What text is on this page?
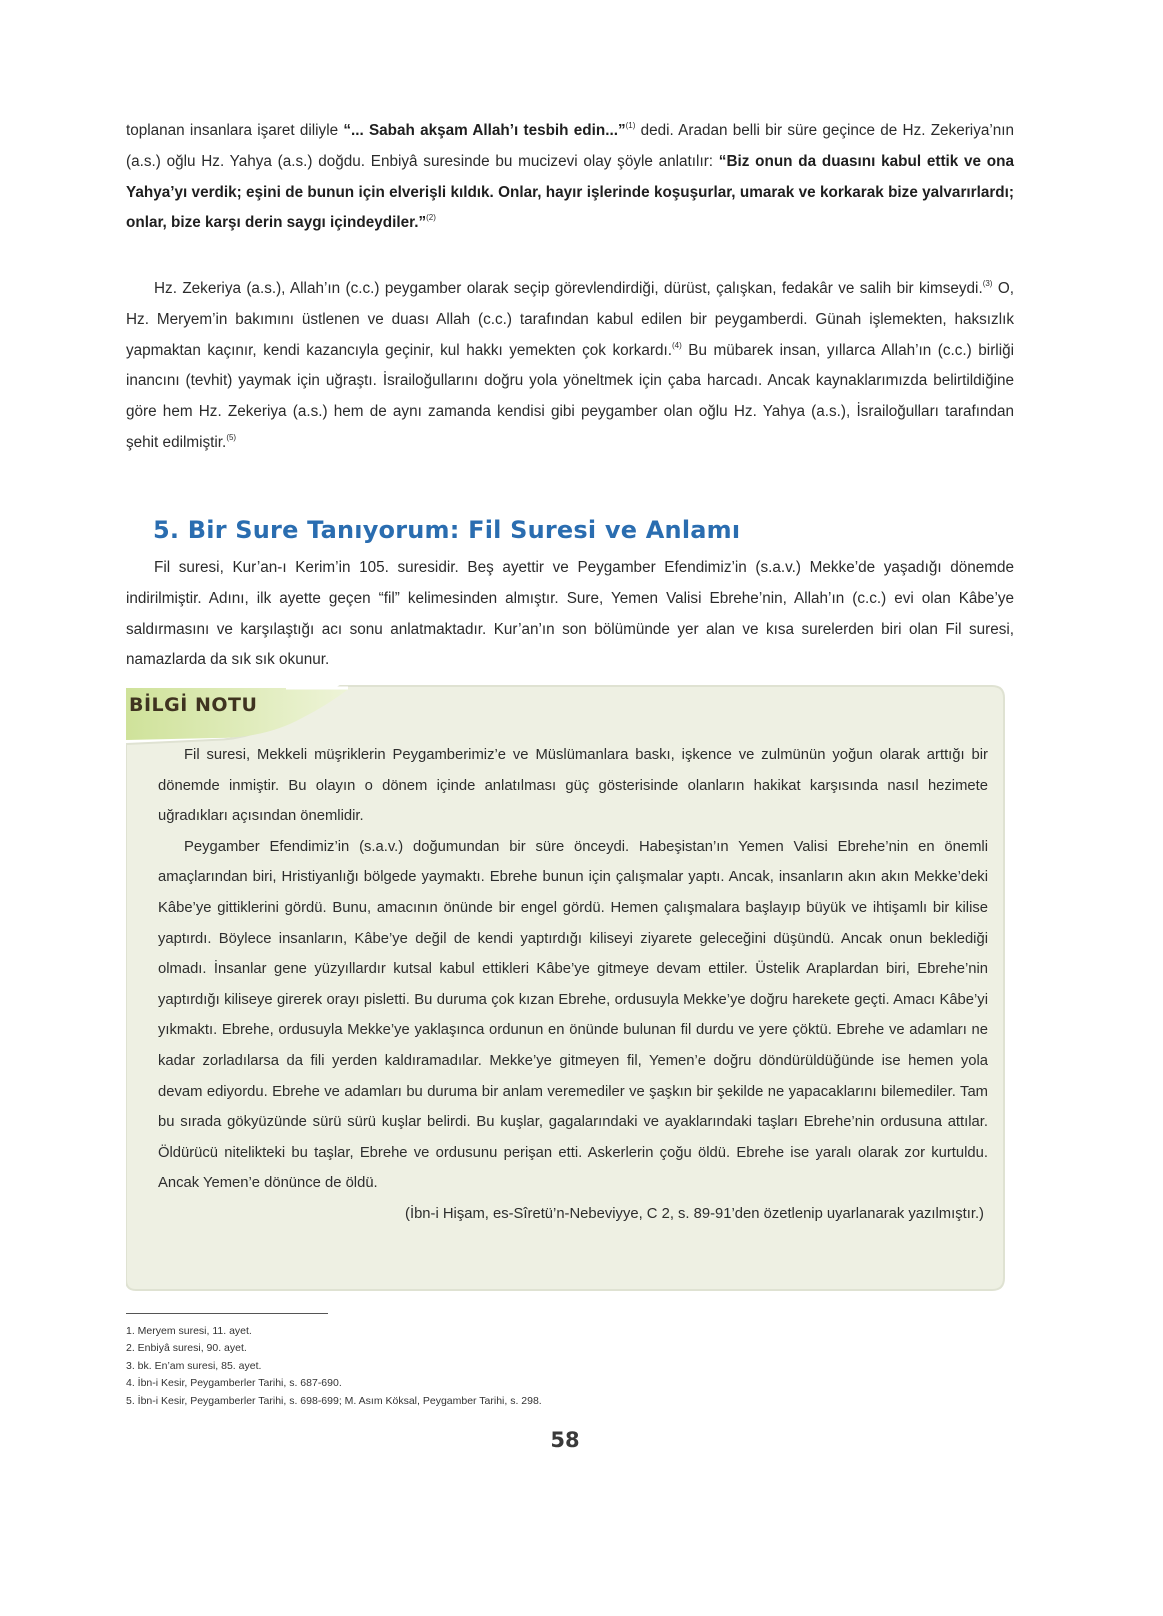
toplanan insanlara işaret diliyle “... Sabah akşam Allah’ı tesbih edin...”$^{(1)}$ dedi. Aradan belli bir süre geçince de Hz. Zekeriya’nın (a.s.) oğlu Hz. Yahya (a.s.) doğdu. Enbiyâ suresinde bu mucizevi olay şöyle anlatılır: “Biz onun da duasını kabul ettik ve ona Yahya’yı verdik; eşini de bunun için elverişli kıldık. Onlar, hayır işlerinde koşuşurlar, umarak ve korkarak bize yalvarırlardı; onlar, bize karşı derin saygı içindeydiler.”$^{(2)}$

Hz. Zekeriya (a.s.), Allah’ın (c.c.) peygamber olarak seçip görevlendirdiği, dürüst, çalışkan, fedakâr ve salih bir kimseydi.$^{(3)}$ O, Hz. Meryem’in bakımını üstlenen ve duası Allah (c.c.) tarafından kabul edilen bir peygamberdi. Günah işlemekten, haksızlık yapmaktan kaçınır, kendi kazancıyla geçinir, kul hakkı yemekten çok korkardı.$^{(4)}$ Bu mübarek insan, yıllarca Allah’ın (c.c.) birliği inancını (tevhit) yaymak için uğraştı. İsrailoğullarını doğru yola yöneltmek için çaba harcadı. Ancak kaynaklarımızda belirtildiğine göre hem Hz. Zekeriya (a.s.) hem de aynı zamanda kendisi gibi peygamber olan oğlu Hz. Yahya (a.s.), İsrailoğulları tarafından şehit edilmiştir.$^{(5)}$

5. Bir Sure Tanıyorum: Fil Suresi ve Anlamı

Fil suresi, Kur’an-ı Kerim’in 105. suresidir. Beş ayettir ve Peygamber Efendimiz’in (s.a.v.) Mekke’de yaşadığı dönemde indirilmiştir. Adını, ilk ayette geçen “fil” kelimesinden almıştır. Sure, Yemen Valisi Ebrehe’nin, Allah’ın (c.c.) evi olan Kâbe’ye saldırmasını ve karşılaştığı acı sonu anlatmaktadır. Kur’an’ın son bölümünde yer alan ve kısa surelerden biri olan Fil suresi, namazlarda da sık sık okunur.

BİLGİ NOTU

Fil suresi, Mekkeli müşriklerin Peygamberimiz’e ve Müslümanlara baskı, işkence ve zulmünün yoğun olarak arttığı bir dönemde inmiştir. Bu olayın o dönem içinde anlatılması güç gösterisinde olanların hakikat karşısında nasıl hezimete uğradıkları açısından önemlidir.

Peygamber Efendimiz’in (s.a.v.) doğumundan bir süre önceydi. Habeşistan’ın Yemen Valisi Ebrehe’nin en önemli amaçlarından biri, Hristiyanlığı bölgede yaymaktı. Ebrehe bunun için çalışmalar yaptı. Ancak, insanların akın akın Mekke’deki Kâbe’ye gittiklerini gördü. Bunu, amacının önünde bir engel gördü. Hemen çalışmalara başlayıp büyük ve ihtişamlı bir kilise yaptırdı. Böylece insanların, Kâbe’ye değil de kendi yaptırdığı kiliseyi ziyarete geleceğini düşündü. Ancak onun beklediği olmadı. İnsanlar gene yüzyıllardır kutsal kabul ettikleri Kâbe’ye gitmeye devam ettiler. Üstelik Araplardan biri, Ebrehe’nin yaptırdığı kiliseye girerek orayı pisletti. Bu duruma çok kızan Ebrehe, ordusuyla Mekke’ye doğru harekete geçti. Amacı Kâbe’yi yıkmaktı. Ebrehe, ordusuyla Mekke’ye yaklaşınca ordunun en önünde bulunan fil durdu ve yere çöktü. Ebrehe ve adamları ne kadar zorladılarsa da fili yerden kaldıramadılar. Mekke’ye gitmeyen fil, Yemen’e doğru döndürüldüğünde ise hemen yola devam ediyordu. Ebrehe ve adamları bu duruma bir anlam veremediler ve şaşkın bir şekilde ne yapacaklarını bilemediler. Tam bu sırada gökyüzünde sürü sürü kuşlar belirdi. Bu kuşlar, gagalarındaki ve ayaklarındaki taşları Ebrehe’nin ordusuna attılar. Öldürücü nitelikteki bu taşlar, Ebrehe ve ordusunu perişan etti. Askerlerin çoğu öldü. Ebrehe ise yaralı olarak zor kurtuldu. Ancak Yemen’e dönünce de öldü.

(İbn-i Hişam, es-Sîretü’n-Nebeviyye, C 2, s. 89-91’den özetlenip uyarlanarak yazılmıştır.)

1. Meryem suresi, 11. ayet.
2. Enbiyâ suresi, 90. ayet.
3. bk. En’am suresi, 85. ayet.
4. İbn-i Kesir, Peygamberler Tarihi, s. 687-690.
5. İbn-i Kesir, Peygamberler Tarihi, s. 698-699; M. Asım Köksal, Peygamber Tarihi, s. 298.
58
